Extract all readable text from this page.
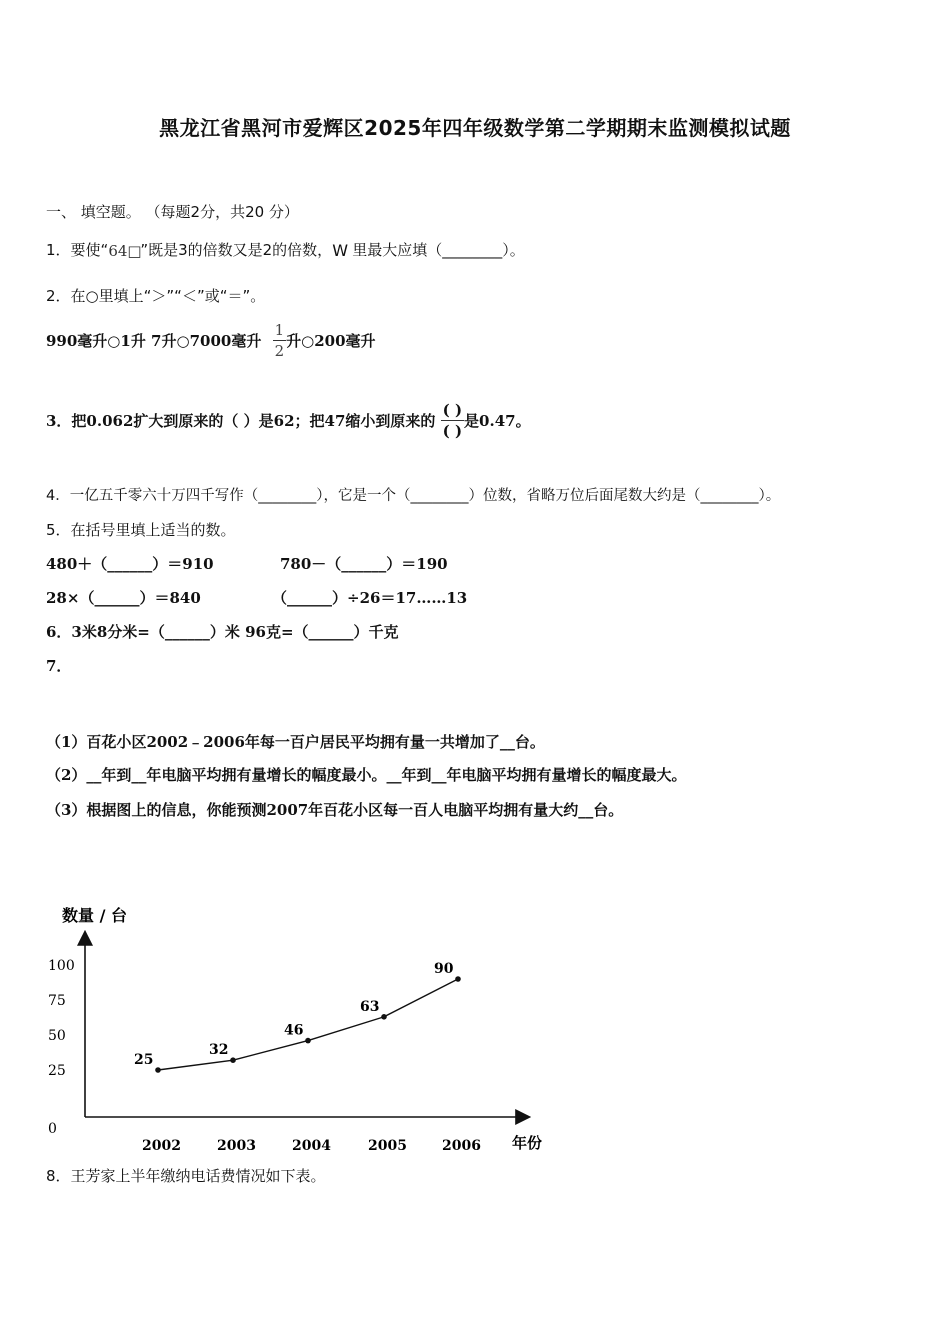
黑龙江省黑河市爱辉区2025年四年级数学第二学期期末监测模拟试题
一、 填空题。 （每题2分，共20 分）
1．要使“ 64□
”既是3的倍数又是2的倍数， W 里最大应填（________）。
2．在○里填上“＞”“＜”或“＝”。
990毫升○1升 7升○7000毫升 $\frac{1}{2}$ 升○200毫升
3．把0.062扩大到原来的（ ）是62；把47缩小到原来的 $\frac{( )}{( )}$ 是0.47。
4．一亿五千零六十万四千写作（________），它是一个（________）位数，省略万位后面尾数大约是（________）。
5．在括号里填上适当的数。
480＋（______）＝910	780－（______）＝190
28×（______）＝840	（______）÷26＝17……13
6．3米8分米=（______）米 96克=（______）千克
7．
（1）百花小区2002﹣2006年每一百户居民平均拥有量一共增加了__台。
（2）__年到__年电脑平均拥有量增长的幅度最小。__年到__年电脑平均拥有量增长的幅度最大。
（3）根据图上的信息，你能预测2007年百花小区每一百人电脑平均拥有量大约__台。
数量 / 台
年份
0
25
50
75
100
2002	2003	2004	2005	2006
25
32
46
63
90
8．王芳家上半年缴纳电话费情况如下表。
